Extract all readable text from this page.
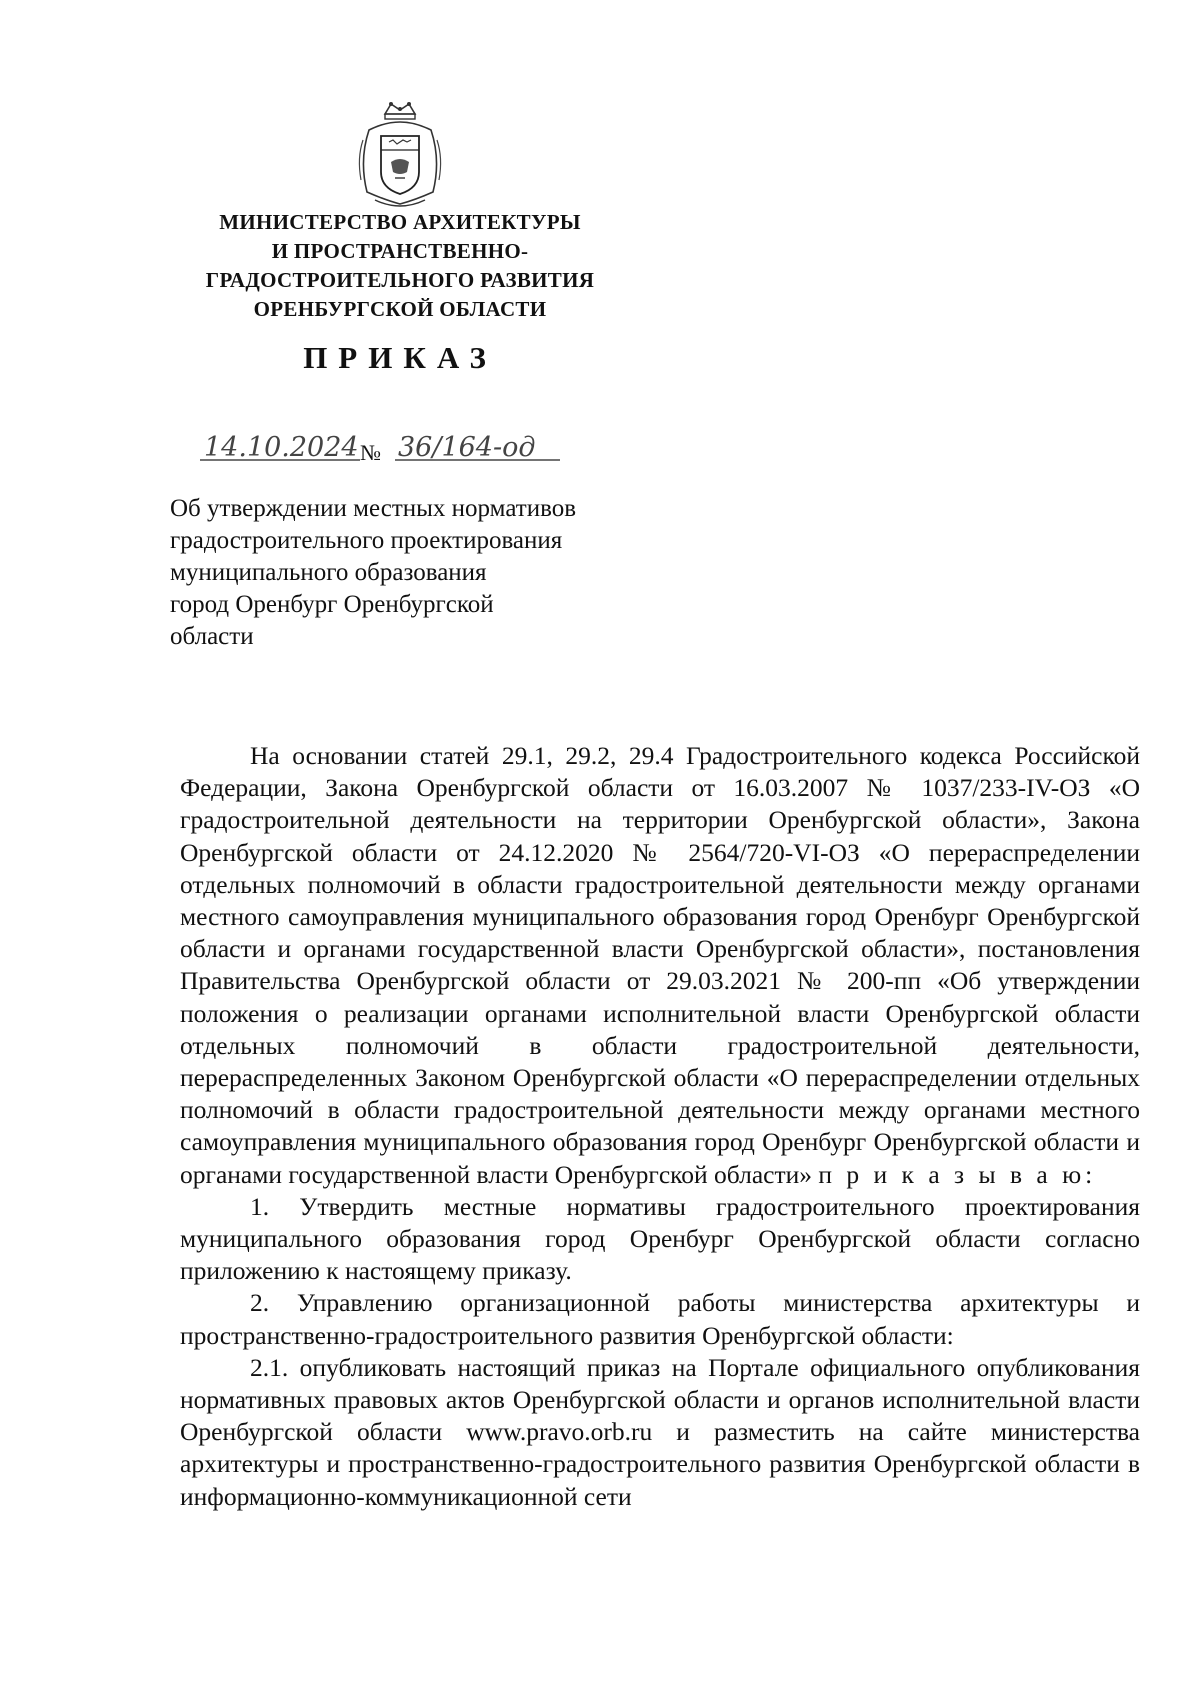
МИНИСТЕРСТВО АРХИТЕКТУРЫ
И ПРОСТРАНСТВЕННО-
ГРАДОСТРОИТЕЛЬНОГО РАЗВИТИЯ
ОРЕНБУРГСКОЙ ОБЛАСТИ
ПРИКАЗ
14.10.2024 № 36/164-од
Об утверждении местных нормативов
градостроительного проектирования
муниципального образования
город Оренбург Оренбургской
области

На основании статей 29.1, 29.2, 29.4 Градостроительного кодекса Российской Федерации, Закона Оренбургской области от 16.03.2007 № 1037/233-IV-ОЗ «О градостроительной деятельности на территории Оренбургской области», Закона Оренбургской области от 24.12.2020 № 2564/720-VI-ОЗ «О перераспределении отдельных полномочий в области градостроительной деятельности между органами местного самоуправления муниципального образования город Оренбург Оренбургской области и органами государственной власти Оренбургской области», постановления Правительства Оренбургской области от 29.03.2021 № 200-пп «Об утверждении положения о реализации органами исполнительной власти Оренбургской области отдельных полномочий в области градостроительной деятельности, перераспределенных Законом Оренбургской области «О перераспределении отдельных полномочий в области градостроительной деятельности между органами местного самоуправления муниципального образования город Оренбург Оренбургской области и органами государственной власти Оренбургской области» п р и к а з ы в а ю:

1. Утвердить местные нормативы градостроительного проектирования муниципального образования город Оренбург Оренбургской области согласно приложению к настоящему приказу.

2. Управлению организационной работы министерства архитектуры и пространственно-градостроительного развития Оренбургской области:

2.1. опубликовать настоящий приказ на Портале официального опубликования нормативных правовых актов Оренбургской области и органов исполнительной власти Оренбургской области www.pravo.orb.ru и разместить на сайте министерства архитектуры и пространственно-градостроительного развития Оренбургской области в информационно-коммуникационной сети
